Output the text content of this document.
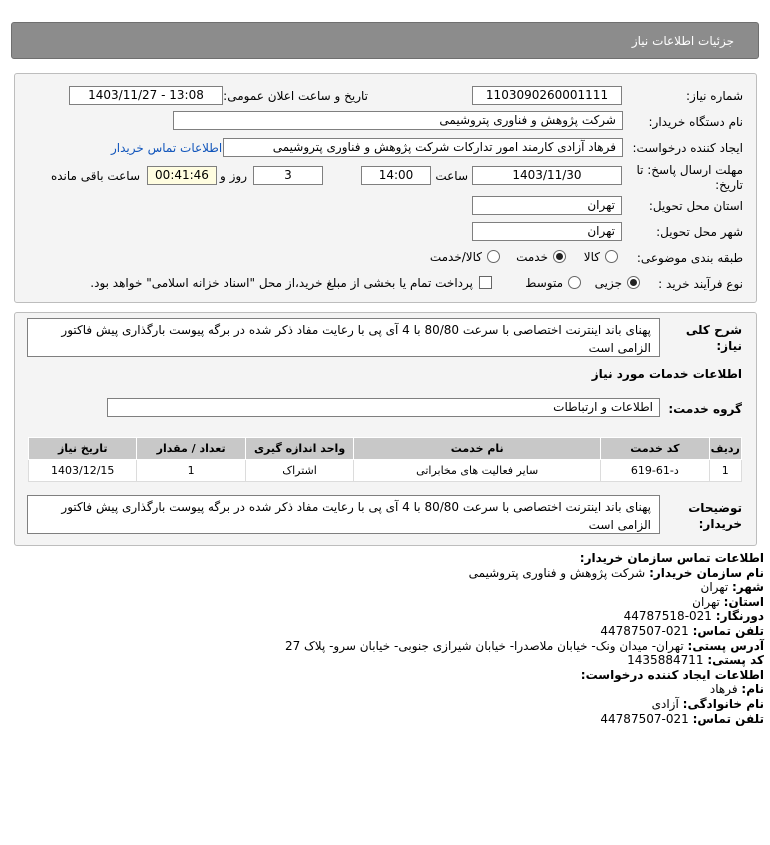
جزئیات اطلاعات نیاز
شماره نیاز:
1103090260001111
تاریخ و ساعت اعلان عمومی:
1403/11/27 - 13:08
نام دستگاه خریدار:
شرکت پژوهش و فناوری پتروشیمی
ایجاد کننده درخواست:
فرهاد آزادی کارمند امور تدارکات شرکت پژوهش و فناوری پتروشیمی
اطلاعات تماس خریدار
مهلت ارسال پاسخ: تا
تاریخ:
1403/11/30
ساعت
14:00
3
روز و
00:41:46
ساعت باقی مانده
استان محل تحویل:
تهران
شهر محل تحویل:
تهران
طبقه بندی موضوعی:
کالا
خدمت
کالا/خدمت
نوع فرآیند خرید :
جزیی
متوسط
پرداخت تمام یا بخشی از مبلغ خرید،از محل "اسناد خزانه اسلامی" خواهد بود.
شرح کلی
نیاز:
پهنای باند اینترنت اختصاصی با سرعت 80/80 با 4 آی پی با رعایت مفاد ذکر شده در برگه پیوست بارگذاری پیش فاکتور الزامی است
اطلاعات خدمات مورد نیاز
گروه خدمت:
اطلاعات و ارتباطات
ردیف	کد خدمت	نام خدمت	واحد اندازه گیری	تعداد / مقدار	تاریخ نیاز
1	د-61-619	سایر فعالیت های مخابراتی	اشتراک	1	1403/12/15
توضیحات
خریدار:
پهنای باند اینترنت اختصاصی با سرعت 80/80 با 4 آی پی با رعایت مفاد ذکر شده در برگه پیوست بارگذاری پیش فاکتور الزامی است
اطلاعات تماس سازمان خریدار:
نام سازمان خریدار: شرکت پژوهش و فناوری پتروشیمی
شهر: تهران
استان: تهران
دورنگار: 021-44787518
تلفن تماس: 021-44787507
آدرس پستی: تهران- میدان ونک- خیابان ملاصدرا- خیابان شیرازی جنوبی- خیابان سرو- پلاک 27
کد پستی: 1435884711
اطلاعات ایجاد کننده درخواست:
نام: فرهاد
نام خانوادگی: آزادی
تلفن تماس: 021-44787507
